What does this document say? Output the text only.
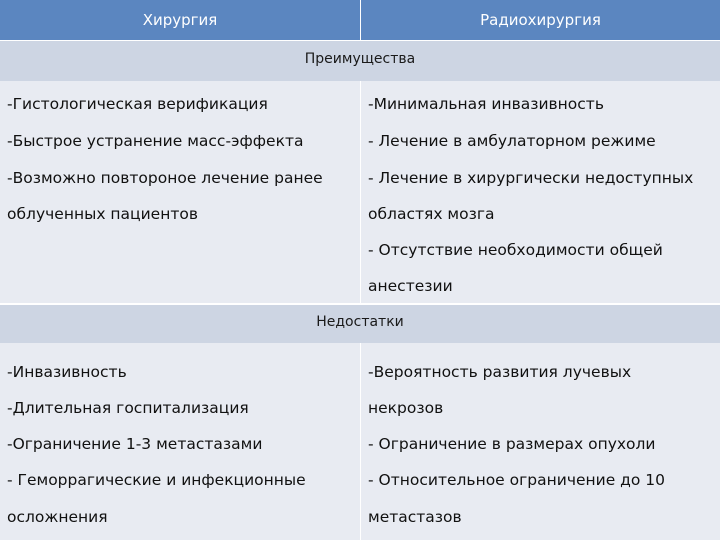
Хирургия	Радиохирургия
Преимущества
-Гистологическая верификация
-Быстрое устранение масс-эффекта
-Возможно повтороное лечение ранее
облученных пациентов
-Минимальная инвазивность
- Лечение в амбулаторном режиме
- Лечение в хирургически недоступных
областях мозга
- Отсутствие необходимости общей
анестезии
Недостатки
-Инвазивность
-Длительная госпитализация
-Ограничение 1-3 метастазами
- Геморрагические и инфекционные
осложнения
-Вероятность развития лучевых
некрозов
- Ограничение в размерах опухоли
- Относительное ограничение до 10
метастазов
